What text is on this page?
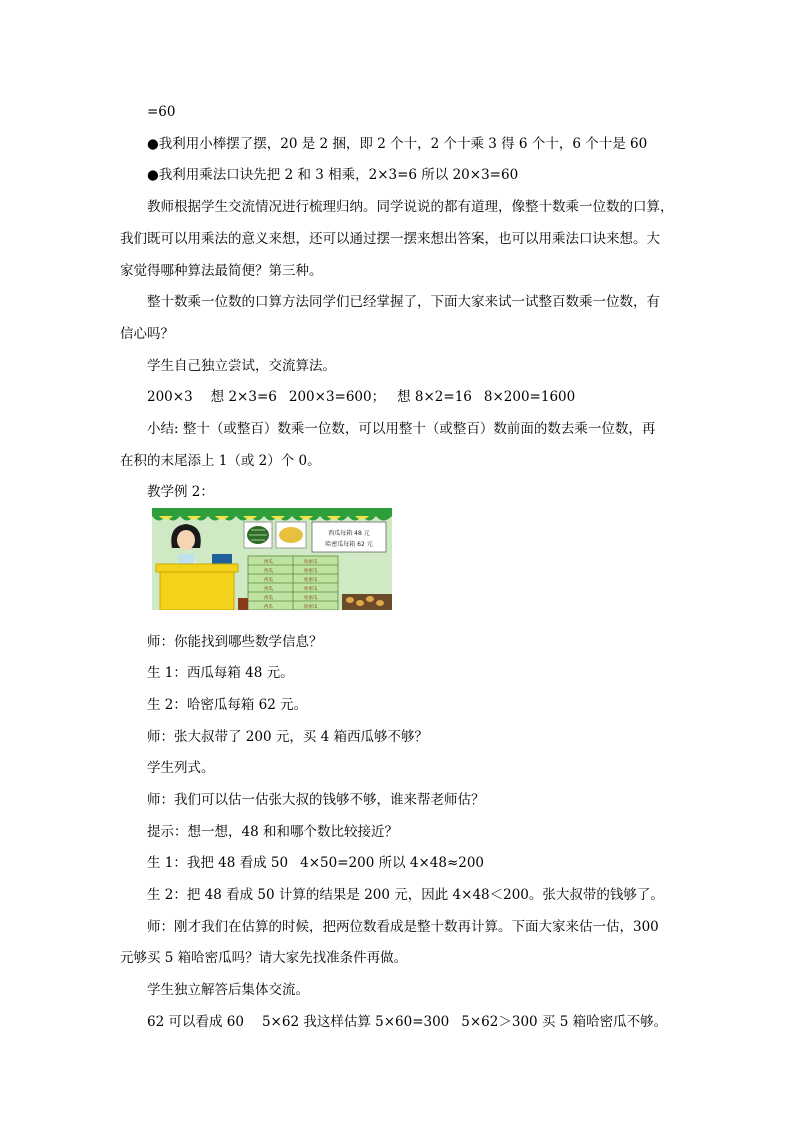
=60
●我利用小棒摆了摆，20 是 2 捆，即 2 个十，2 个十乘 3 得 6 个十，6 个十是 60
●我利用乘法口诀先把 2 和 3 相乘，2×3=6 所以 20×3=60
教师根据学生交流情况进行梳理归纳。同学说说的都有道理，像整十数乘一位数的口算，
我们既可以用乘法的意义来想，还可以通过摆一摆来想出答案，也可以用乘法口诀来想。大
家觉得哪种算法最简便？第三种。
整十数乘一位数的口算方法同学们已经掌握了，下面大家来试一试整百数乘一位数，有
信心吗？
学生自己独立尝试，交流算法。
200×3 想 2×3=6 200×3=600； 想 8×2=16 8×200=1600
小结: 整十（或整百）数乘一位数，可以用整十（或整百）数前面的数去乘一位数，再
在积的末尾添上 1（或 2）个 0。
教学例 2：
西瓜每箱 48 元
哈密瓜每箱 62 元
西瓜	哈密瓜
西瓜	哈密瓜
西瓜	哈密瓜
西瓜	哈密瓜
西瓜	哈密瓜
西瓜	哈密瓜
师：你能找到哪些数学信息？
生 1：西瓜每箱 48 元。
生 2：哈密瓜每箱 62 元。
师：张大叔带了 200 元，买 4 箱西瓜够不够？
学生列式。
师：我们可以估一估张大叔的钱够不够，谁来帮老师估？
提示：想一想，48 和和哪个数比较接近？
生 1：我把 48 看成 50 4×50=200 所以 4×48≈200
生 2：把 48 看成 50 计算的结果是 200 元，因此 4×48＜200。张大叔带的钱够了。
师：刚才我们在估算的时候，把两位数看成是整十数再计算。下面大家来估一估，300
元够买 5 箱哈密瓜吗？请大家先找准条件再做。
学生独立解答后集体交流。
62 可以看成 60 5×62 我这样估算 5×60=300 5×62＞300 买 5 箱哈密瓜不够。
